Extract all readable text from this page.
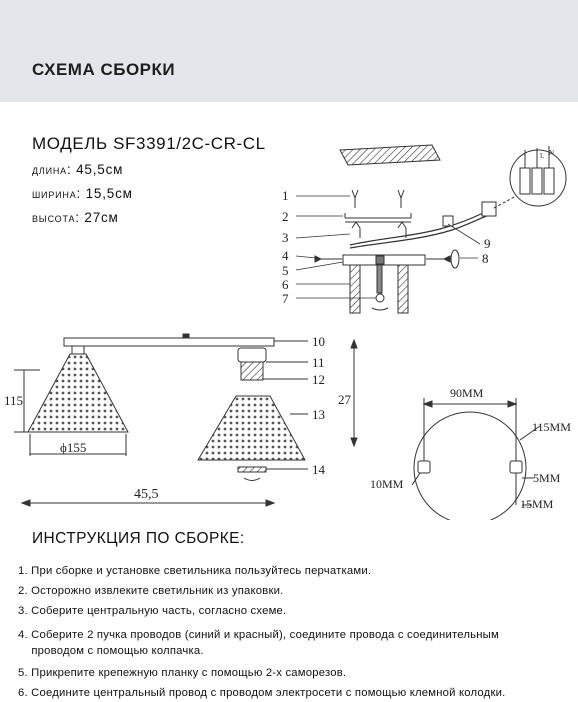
СХЕМА СБОРКИ
МОДЕЛЬ SF3391/2C-CR-CL
длина: 45,5см
ширина: 15,5см
высота: 27см
L N
1
2
3
4
5
6
7
8
9
10
11
12
13
14
115
ϕ155
45,5
27	90MM
115MM
10MM	5MM
15MM
ИНСТРУКЦИЯ ПО СБОРКЕ:
1. При сборке и установке светильника пользуйтесь перчатками.
2. Осторожно извлеките светильник из упаковки.
3. Соберите центральную часть, согласно схеме.
4. Соберите 2 пучка проводов (синий и красный), соедините провода с соединительным
проводом с помощью колпачка.
5. Прикрепите крепежную планку с помощью 2-х саморезов.
6. Соедините центральный провод с проводом электросети с помощью клемной колодки.
